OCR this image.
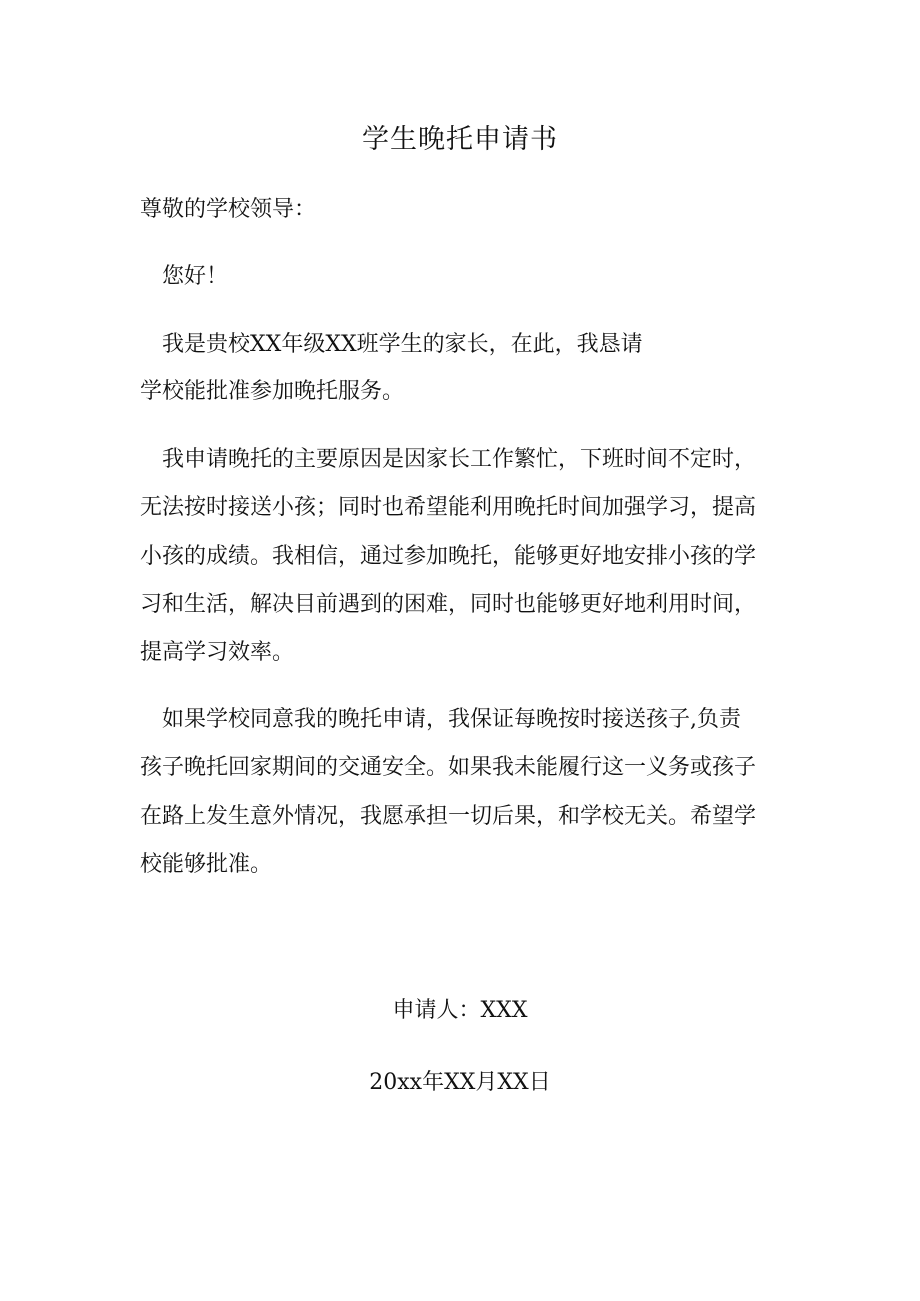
学生晚托申请书
尊敬的学校领导：
您好！
我是贵校XX年级XX班学生的家长，在此，我恳请
学校能批准参加晚托服务。
我申请晚托的主要原因是因家长工作繁忙，下班时间不定时，
无法按时接送小孩；同时也希望能利用晚托时间加强学习，提高
小孩的成绩。我相信，通过参加晚托，能够更好地安排小孩的学
习和生活，解决目前遇到的困难，同时也能够更好地利用时间，
提高学习效率。
如果学校同意我的晚托申请，我保证每晚按时接送孩子,负责
孩子晚托回家期间的交通安全。如果我未能履行这一义务或孩子
在路上发生意外情况，我愿承担一切后果，和学校无关。希望学
校能够批准。
申请人：XXX
20xx年XX月XX日
